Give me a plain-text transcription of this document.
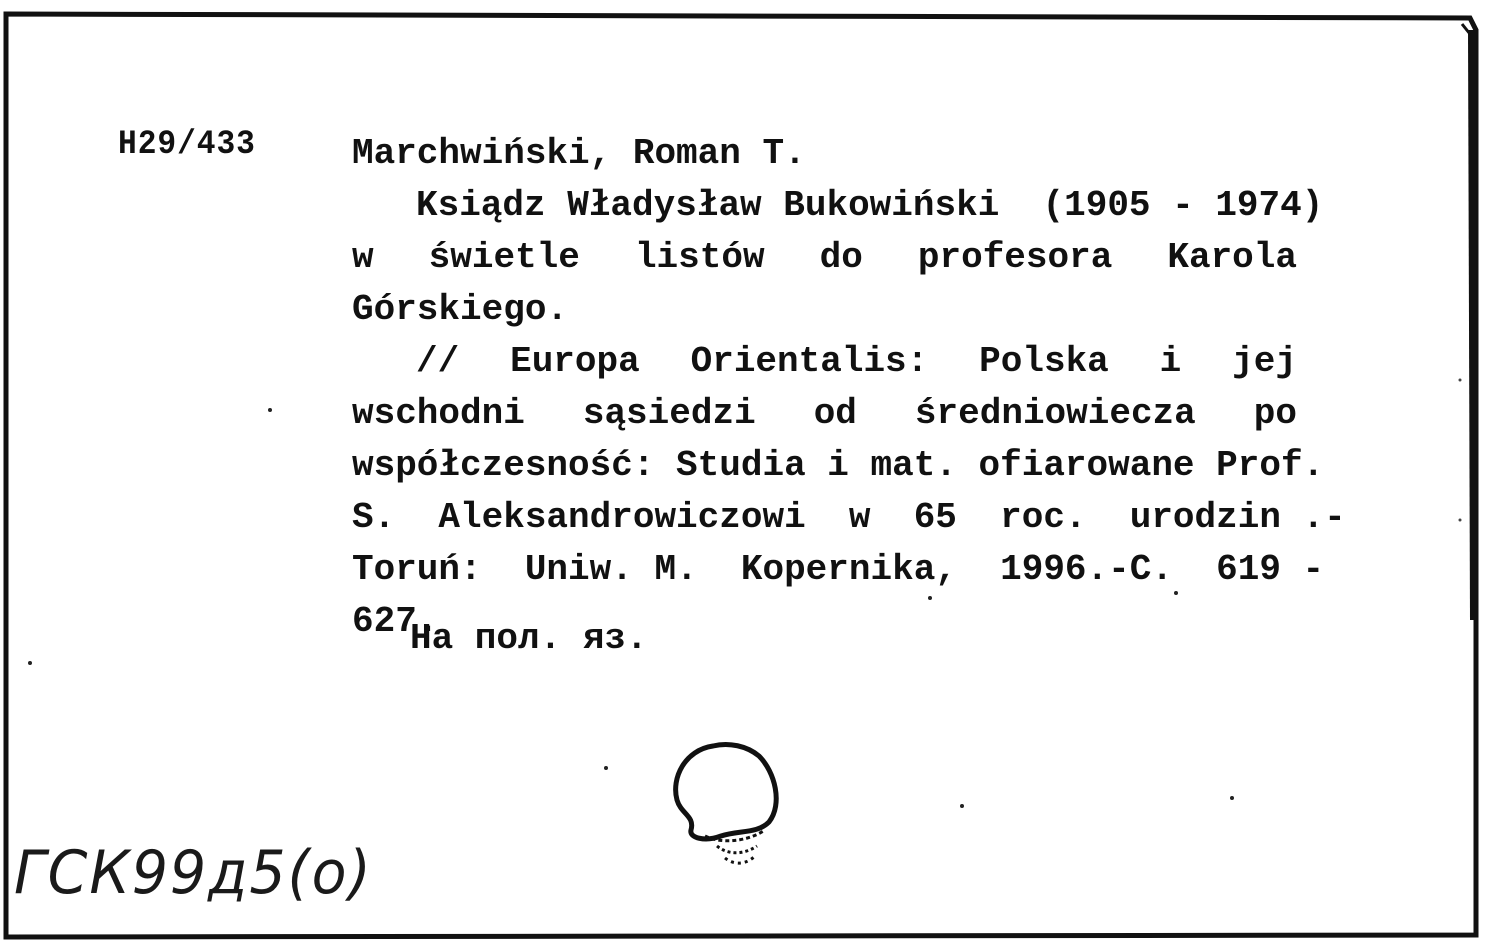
H29/433	Marchwiński, Roman T.
Ksiądz Władysław Bukowiński  (1905 - 1974)
w  świetle  listów  do  profesora  Karola
Górskiego.
//  Europa  Orientalis:  Polska  i  jej
wschodni  sąsiedzi  od  średniowiecza  po
współczesność: Studia i mat. ofiarowane Prof.
S.  Aleksandrowiczowi  w  65  roc.  urodzin .-
Toruń:  Uniw. M.  Kopernika,  1996.-C.  619 -
627.
На пол. яз.
ГСК99д5(о)
